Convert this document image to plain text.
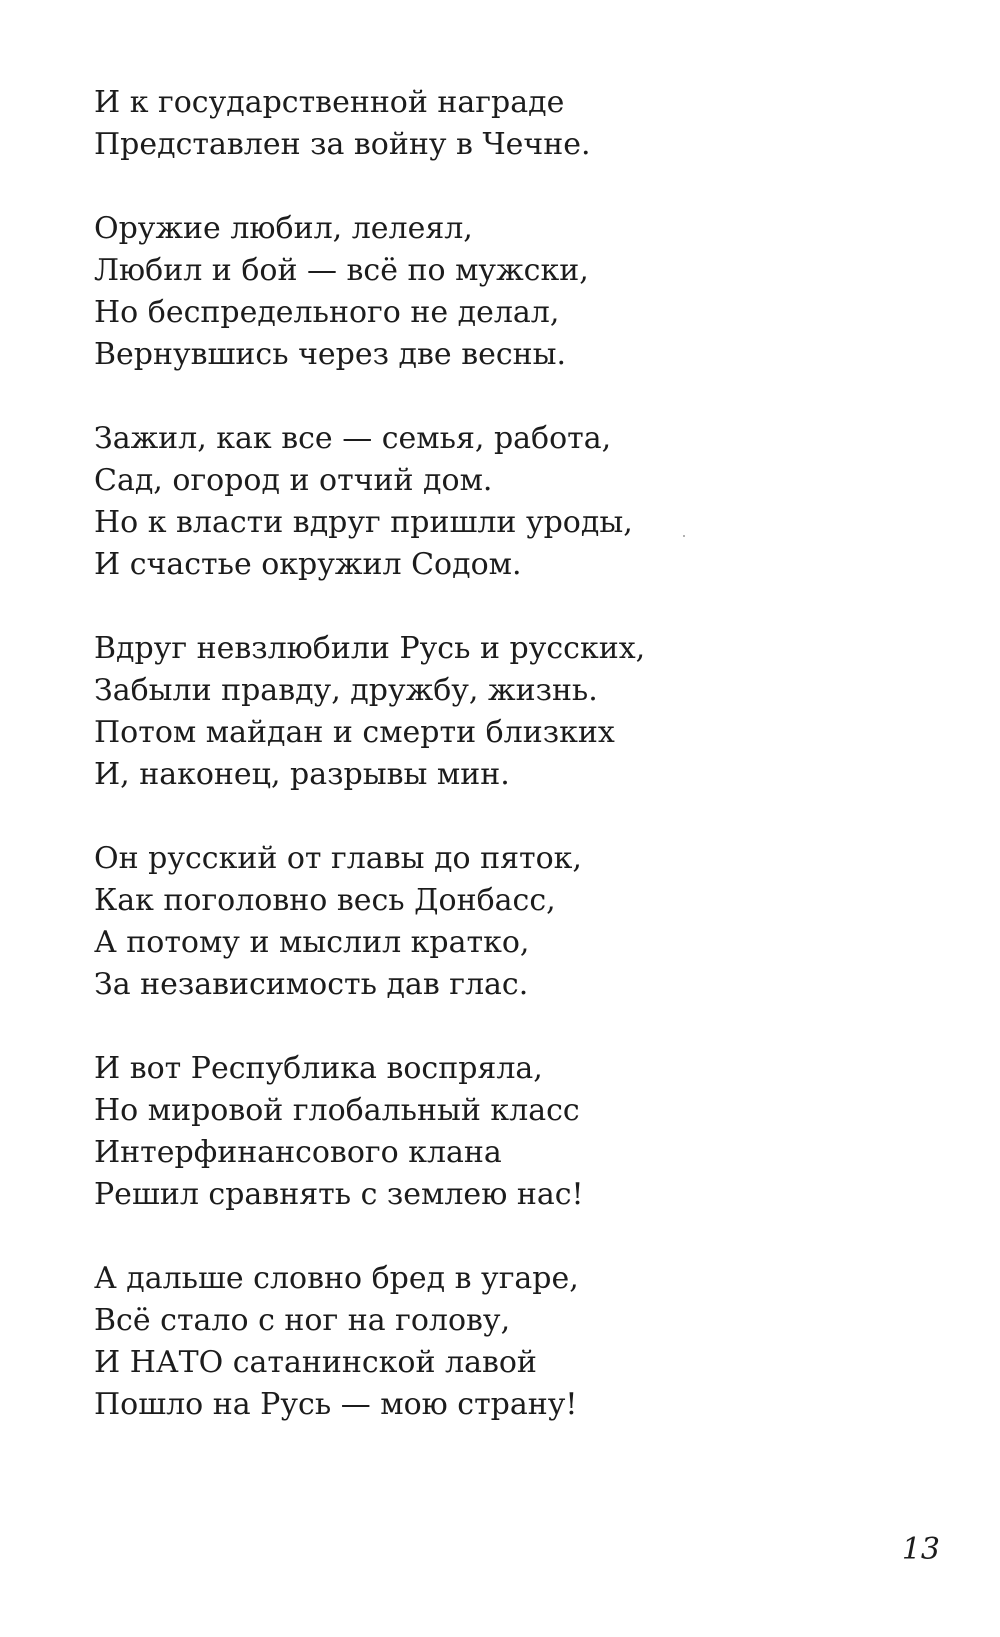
И к государственной награде
Представлен за войну в Чечне.
Оружие любил, лелеял,
Любил и бой — всё по мужски,
Но беспредельного не делал,
Вернувшись через две весны.
Зажил, как все — семья, работа,
Сад, огород и отчий дом.
Но к власти вдруг пришли уроды,
И счастье окружил Содом.
Вдруг невзлюбили Русь и русских,
Забыли правду, дружбу, жизнь.
Потом майдан и смерти близких
И, наконец, разрывы мин.
Он русский от главы до пяток,
Как поголовно весь Донбасс,
А потому и мыслил кратко,
За независимость дав глас.
И вот Республика воспряла,
Но мировой глобальный класс
Интерфинансового клана
Решил сравнять с землею нас!
А дальше словно бред в угаре,
Всё стало с ног на голову,
И НАТО сатанинской лавой
Пошло на Русь — мою страну!
13
